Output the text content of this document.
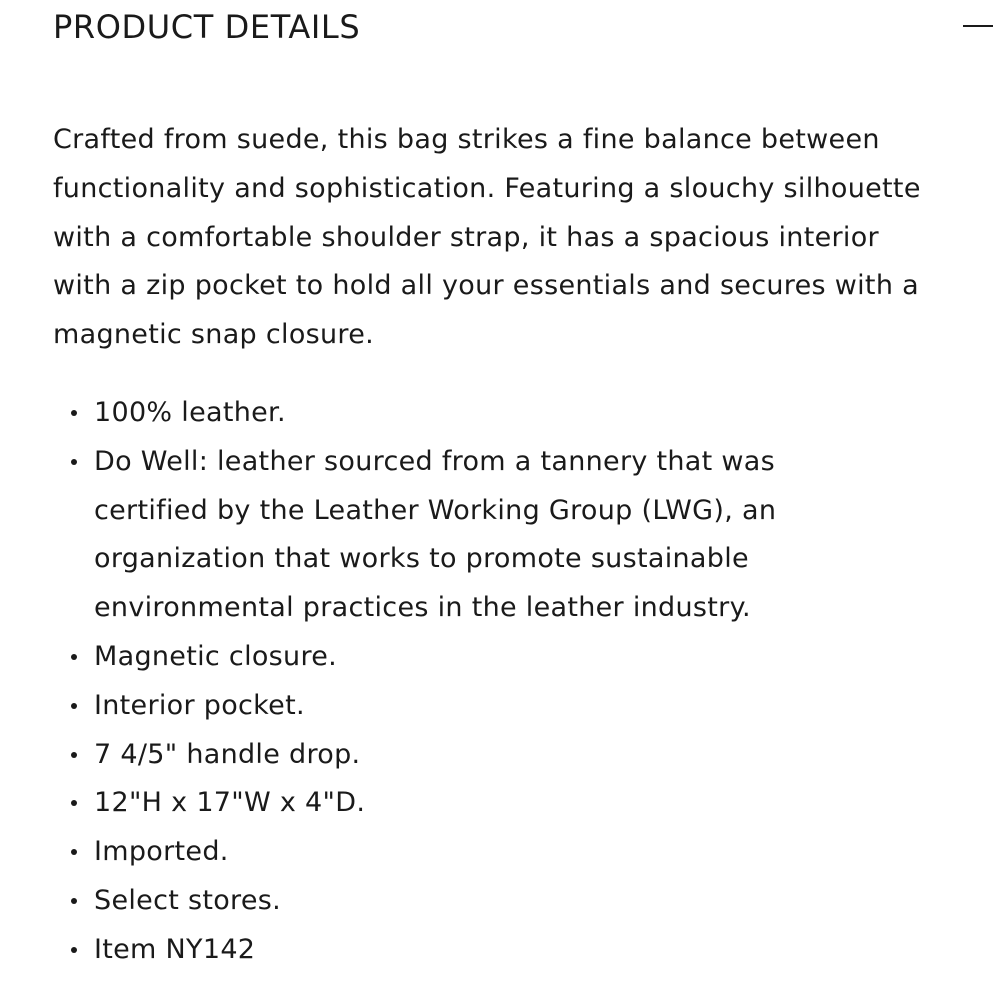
PRODUCT DETAILS

Crafted from suede, this bag strikes a fine balance between functionality and sophistication. Featuring a slouchy silhouette with a comfortable shoulder strap, it has a spacious interior with a zip pocket to hold all your essentials and secures with a magnetic snap closure.

100% leather.
Do Well: leather sourced from a tannery that was certified by the Leather Working Group (LWG), an organization that works to promote sustainable environmental practices in the leather industry.
Magnetic closure.
Interior pocket.
7 4/5" handle drop.
12"H x 17"W x 4"D.
Imported.
Select stores.
Item NY142
